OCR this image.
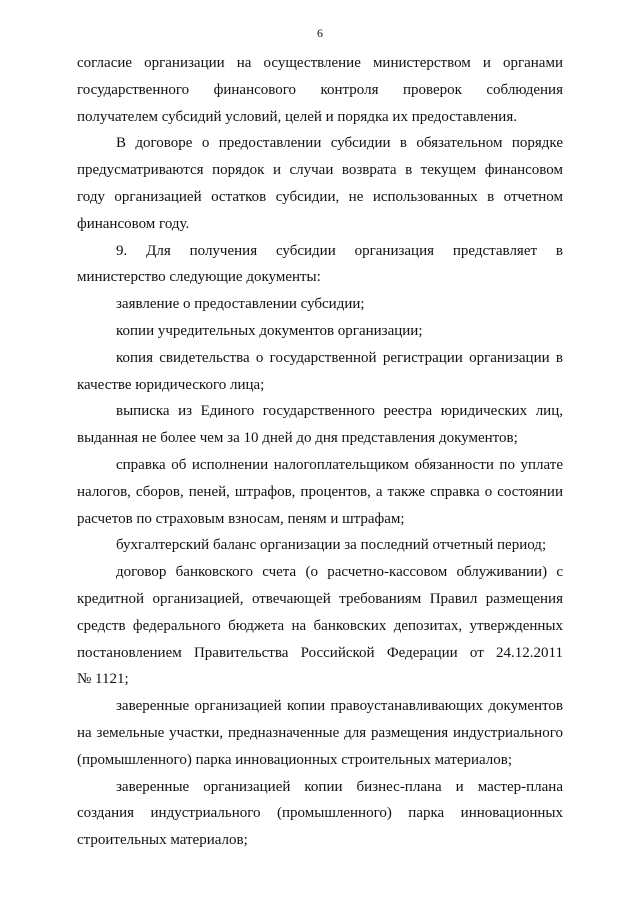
6
согласие организации на осуществление министерством и органами
государственного финансового контроля проверок соблюдения
получателем субсидий условий, целей и порядка их предоставления.
В договоре о предоставлении субсидии в обязательном порядке
предусматриваются порядок и случаи возврата в текущем финансовом
году организацией остатков субсидии, не использованных в отчетном
финансовом году.
9. Для получения субсидии организация представляет в
министерство следующие документы:
заявление о предоставлении субсидии;
копии учредительных документов организации;
копия свидетельства о государственной регистрации организации в
качестве юридического лица;
выписка из Единого государственного реестра юридических лиц,
выданная не более чем за 10 дней до дня представления документов;
справка об исполнении налогоплательщиком обязанности по уплате
налогов, сборов, пеней, штрафов, процентов, а также справка о состоянии
расчетов по страховым взносам, пеням и штрафам;
бухгалтерский баланс организации за последний отчетный период;
договор банковского счета (о расчетно-кассовом облуживании) с
кредитной организацией, отвечающей требованиям Правил размещения
средств федерального бюджета на банковских депозитах, утвержденных
постановлением Правительства Российской Федерации от 24.12.2011
№ 1121;
заверенные организацией копии правоустанавливающих документов
на земельные участки, предназначенные для размещения индустриального
(промышленного) парка инновационных строительных материалов;
заверенные организацией копии бизнес-плана и мастер-плана
создания индустриального (промышленного) парка инновационных
строительных материалов;
